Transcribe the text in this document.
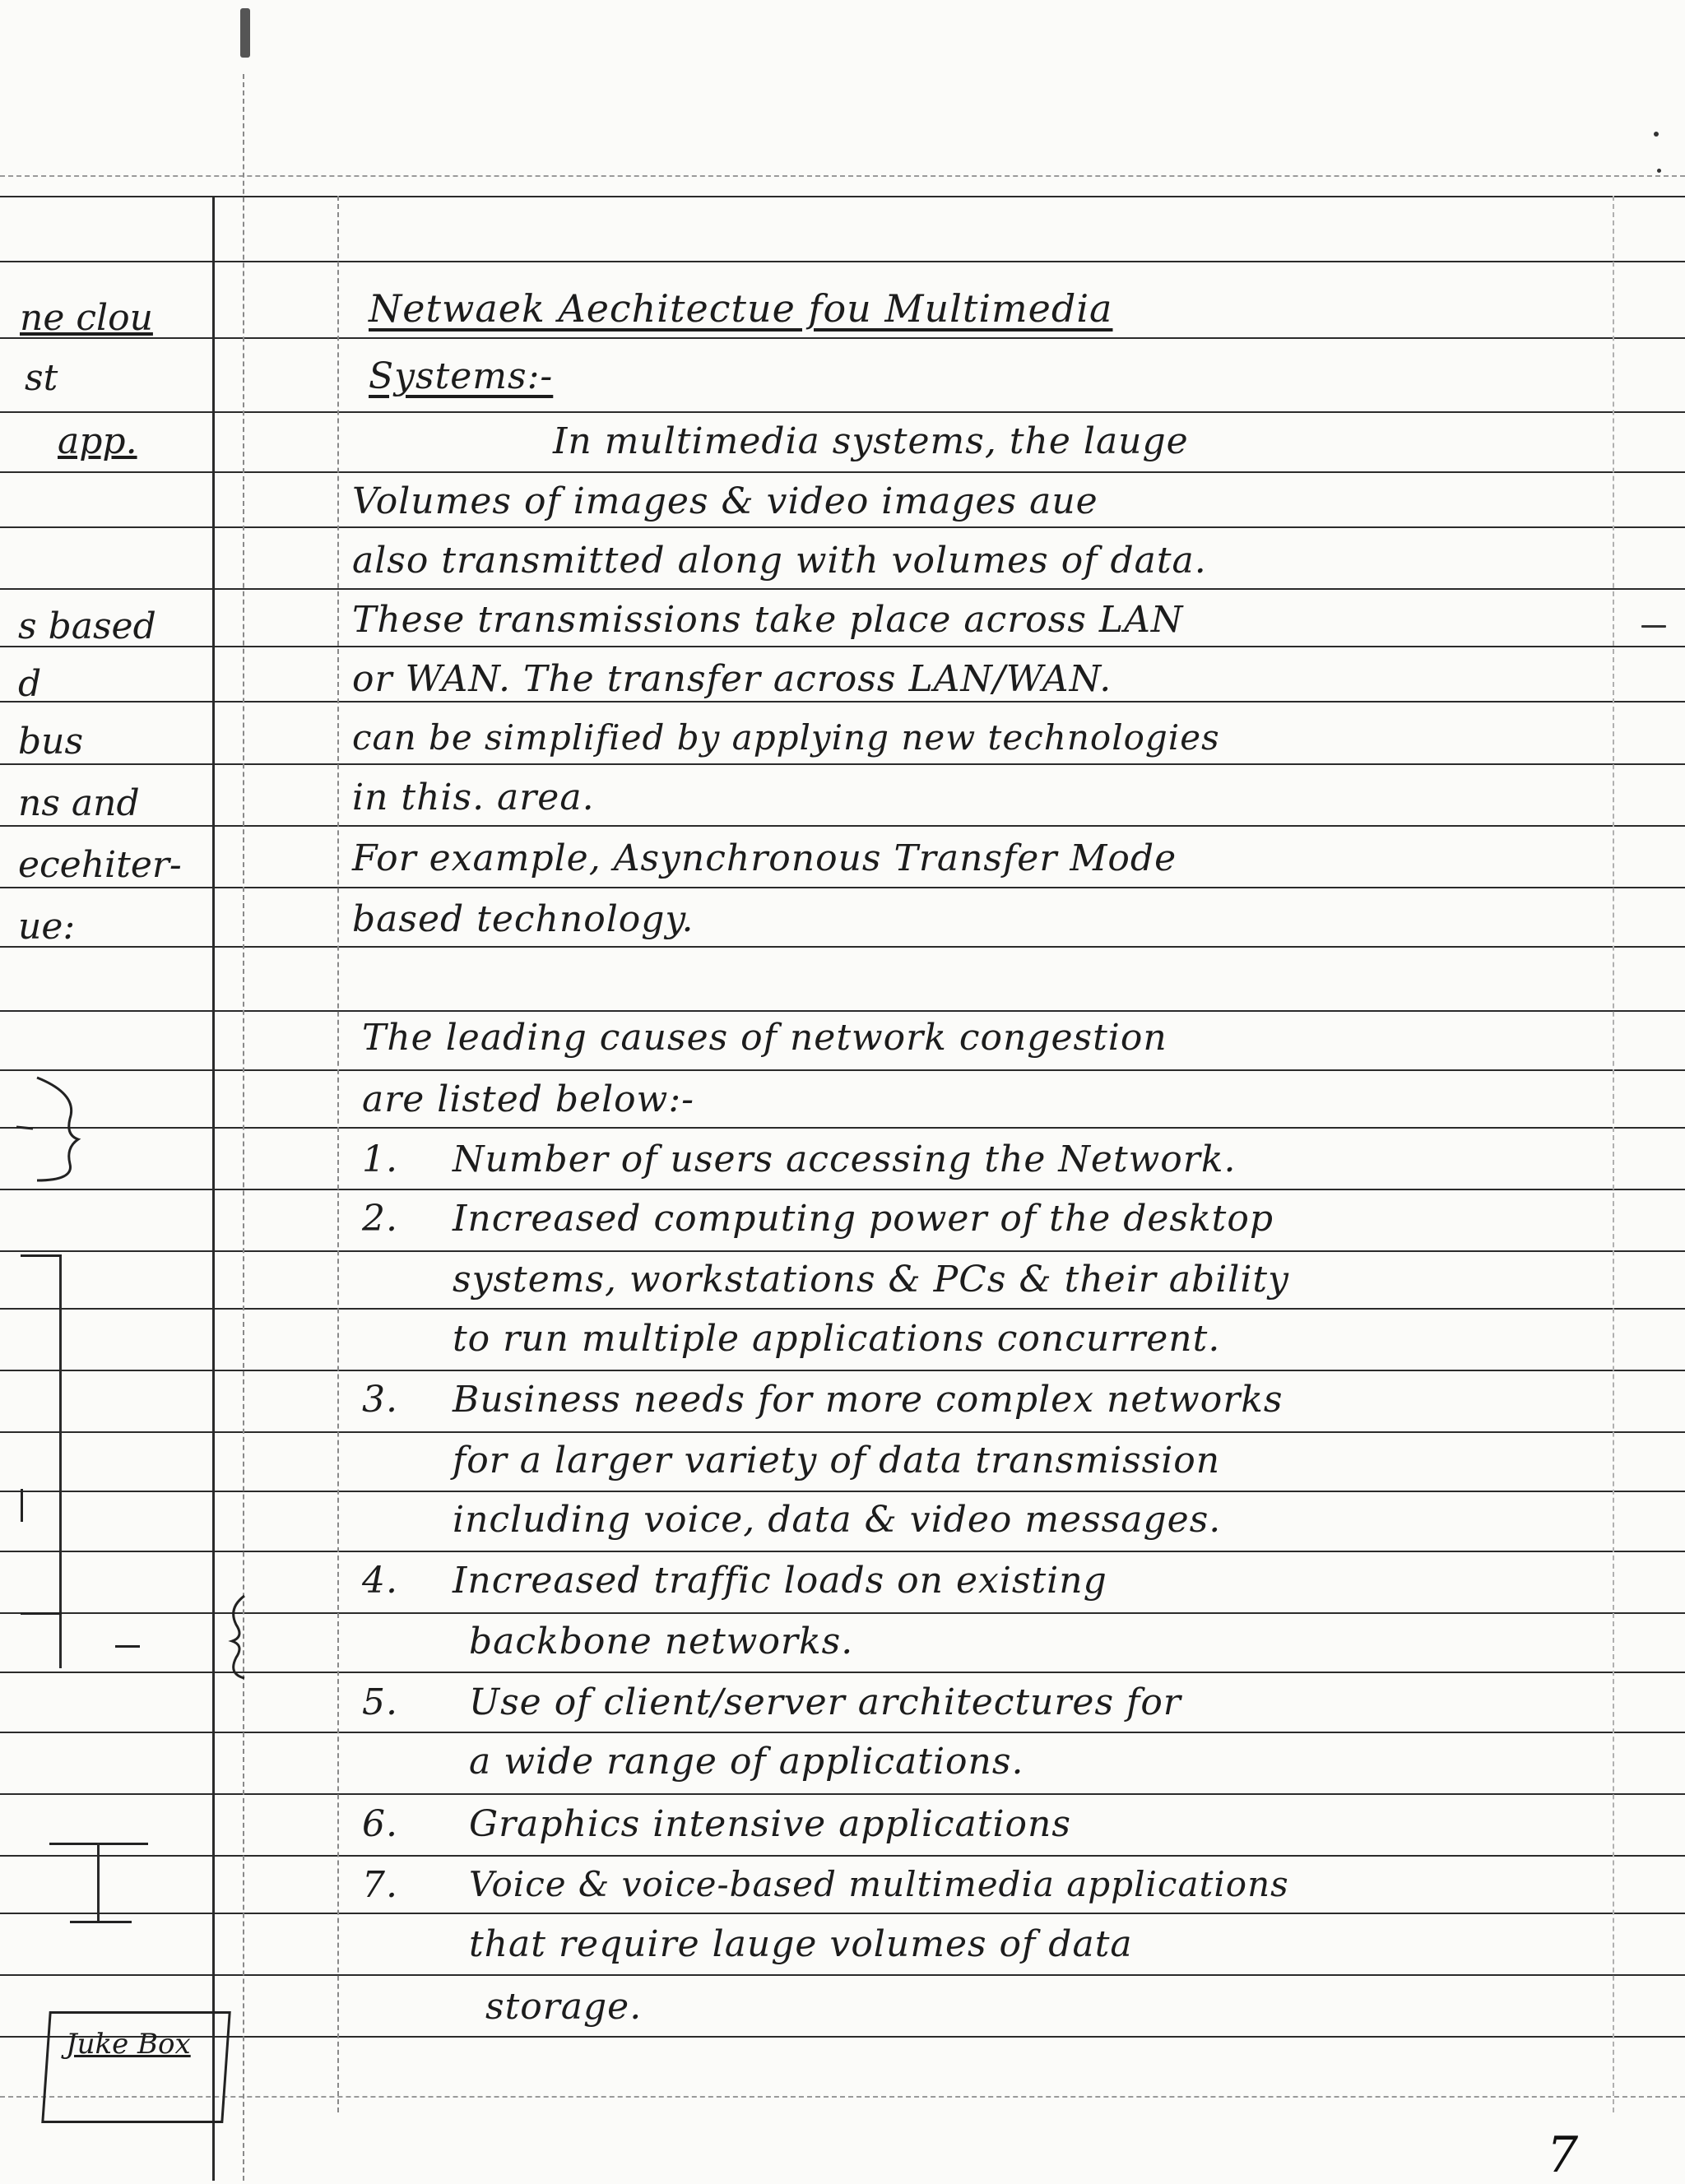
Netwaek Aechitectue fou Multimedia
Systems:-
In multimedia systems, the lauge
Volumes of images & video images aue
also transmitted along with volumes of data.
These transmissions take place across LAN
or WAN. The transfer across LAN/WAN.
can be simplified by applying new technologies
in this. area.
For example, Asynchronous Transfer Mode
based technology.
The leading causes of network congestion
are listed below:-
1. Number of users accessing the Network.
2. Increased computing power of the desktop
systems, workstations & PCs & their ability
to run multiple applications concurrent.
3. Business needs for more complex networks
for a larger variety of data transmission
including voice, data & video messages.
4. Increased traffic loads on existing
backbone networks.
5. Use of client/server architectures for
a wide range of applications.
6. Graphics intensive applications
7. Voice & voice-based multimedia applications
that require lauge volumes of data
storage.
ne clou
st
app.
s based
d
bus
ns and
ecehiter-
ue:
Juke Box
7
